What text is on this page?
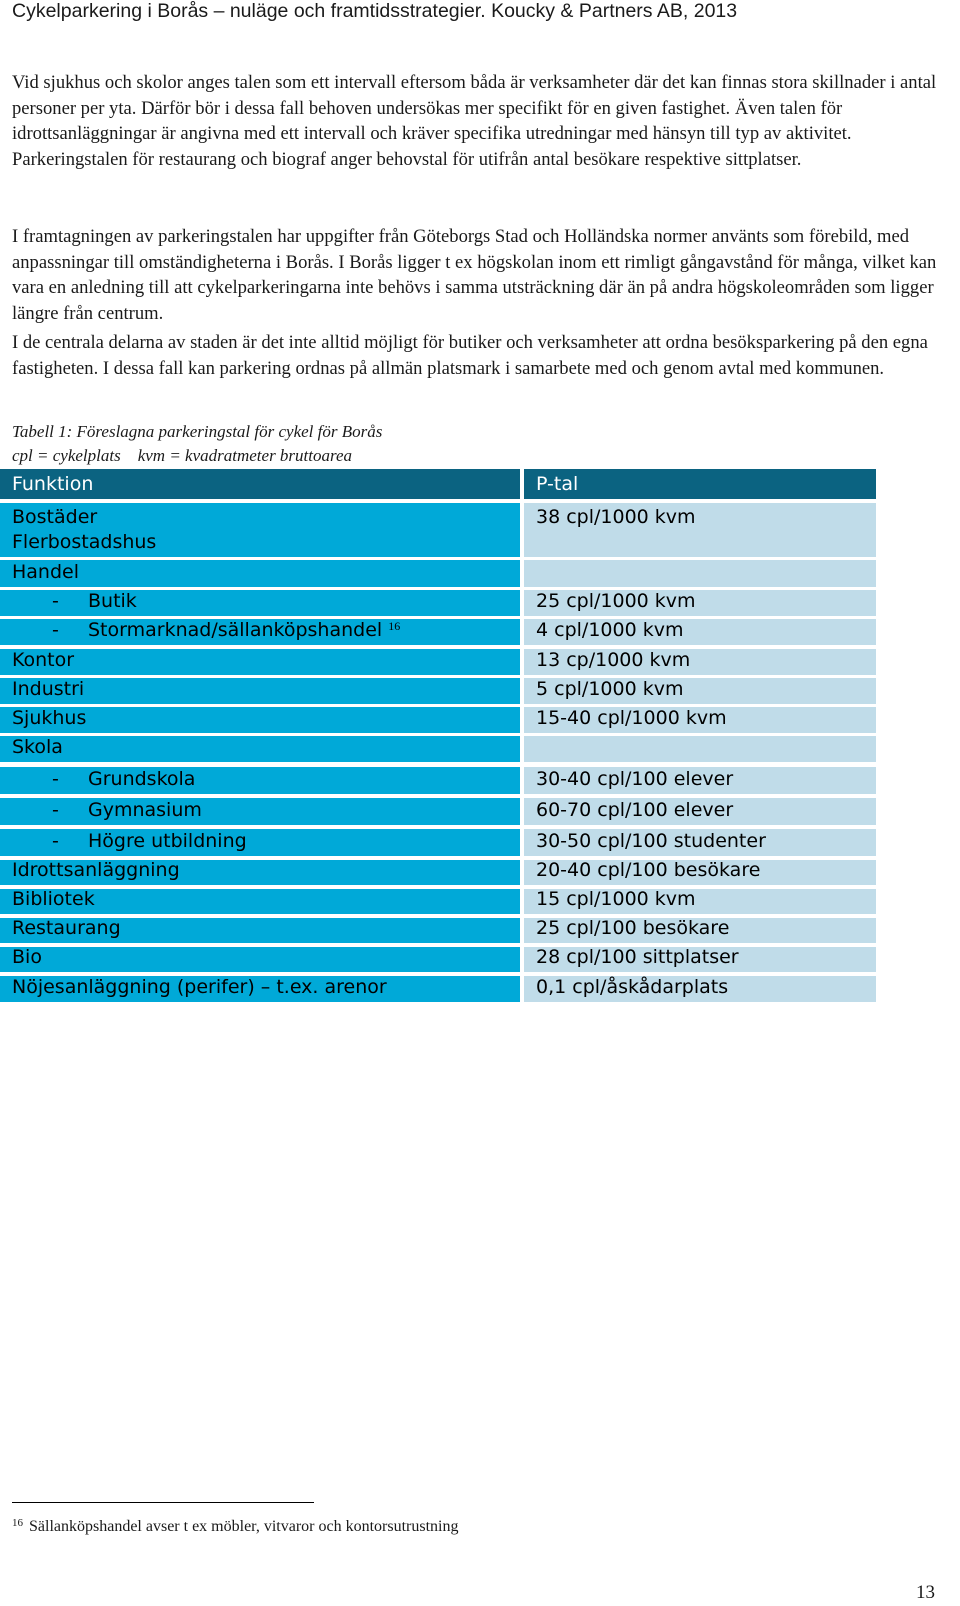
Cykelparkering i Borås – nuläge och framtidsstrategier. Koucky & Partners AB, 2013

Vid sjukhus och skolor anges talen som ett intervall eftersom båda är verksamheter där det kan finnas stora skillnader i antal personer per yta. Därför bör i dessa fall behoven undersökas mer specifikt för en given fastighet. Även talen för idrottsanläggningar är angivna med ett intervall och kräver specifika utredningar med hänsyn till typ av aktivitet. Parkeringstalen för restaurang och biograf anger behovstal för utifrån antal besökare respektive sittplatser.

I framtagningen av parkeringstalen har uppgifter från Göteborgs Stad och Holländska normer använts som förebild, med anpassningar till omständigheterna i Borås. I Borås ligger t ex högskolan inom ett rimligt gångavstånd för många, vilket kan vara en anledning till att cykelparkeringarna inte behövs i samma utsträckning där än på andra högskoleområden som ligger längre från centrum.

I de centrala delarna av staden är det inte alltid möjligt för butiker och verksamheter att ordna besöksparkering på den egna fastigheten. I dessa fall kan parkering ordnas på allmän platsmark i samarbete med och genom avtal med kommunen.

Tabell 1: Föreslagna parkeringstal för cykel för Borås
cpl = cykelplats    kvm = kvadratmeter bruttoarea
Funktion	P-tal
Bostäder	38 cpl/1000 kvm
Flerbostadshus
Handel
- Butik	25 cpl/1000 kvm
- Stormarknad/sällanköpshandel $^{16}$	4 cpl/1000 kvm
Kontor	13 cp/1000 kvm
Industri	5 cpl/1000 kvm
Sjukhus	15-40 cpl/1000 kvm
Skola
- Grundskola	30-40 cpl/100 elever
- Gymnasium	60-70 cpl/100 elever
- Högre utbildning	30-50 cpl/100 studenter
Idrottsanläggning	20-40 cpl/100 besökare
Bibliotek	15 cpl/1000 kvm
Restaurang	25 cpl/100 besökare
Bio	28 cpl/100 sittplatser
Nöjesanläggning (perifer) – t.ex. arenor	0,1 cpl/åskådarplats
$^{16}$ Sällanköpshandel avser t ex möbler, vitvaror och kontorsutrustning
13
